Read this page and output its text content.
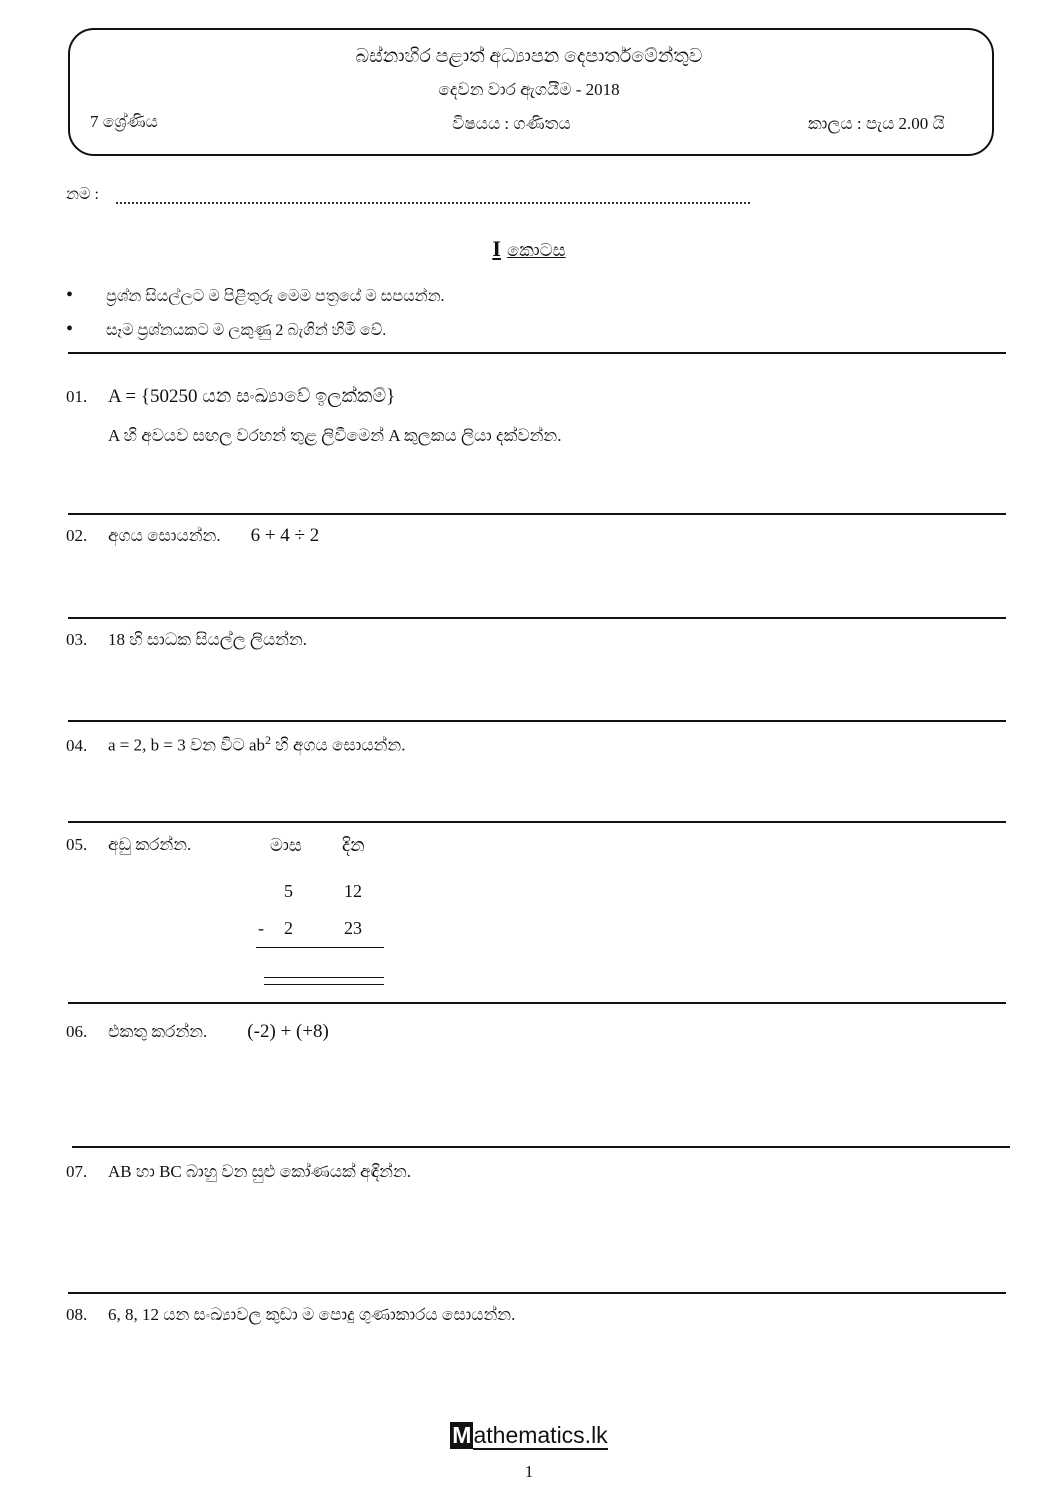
බස්නාහිර පළාත් අධ්‍යාපන දෙපාර්තමේන්තුව
දෙවන වාර ඇගයීම - 2018
7 ශ්‍රේණිය	විෂයය : ගණිතය	කාලය : පැය 2.00 යි
නම :
I කොටස
• ප්‍රශ්න සියල්ලට ම පිළිතුරු මෙම පත්‍රයේ ම සපයන්න.
• සෑම ප්‍රශ්නයකට ම ලකුණු 2 බැගින් හිමි වේ.
01. A = {50250 යන සංඛ්‍යාවේ ඉලක්කම්}
A හි අවයව සඟල වරහන් තුළ ලිවීමෙන් A කුලකය ලියා දක්වන්න.
02. අගය සොයන්න. 6 + 4 ÷ 2
03. 18 හි සාධක සියල්ල ලියන්න.
04. a = 2, b = 3 වන විට $ab^2$ හි අගය සොයන්න.
05. අඩු කරන්න.	මාස දින
5	12
- 2	23
06. එකතු කරන්න. (-2) + (+8)
07. AB හා BC බාහු වන සුළු කෝණයක් අඳින්න.
08. 6, 8, 12 යන සංඛ්‍යාවල කුඩා ම පොදු ගුණාකාරය සොයන්න.
Mathematics.lk
1
